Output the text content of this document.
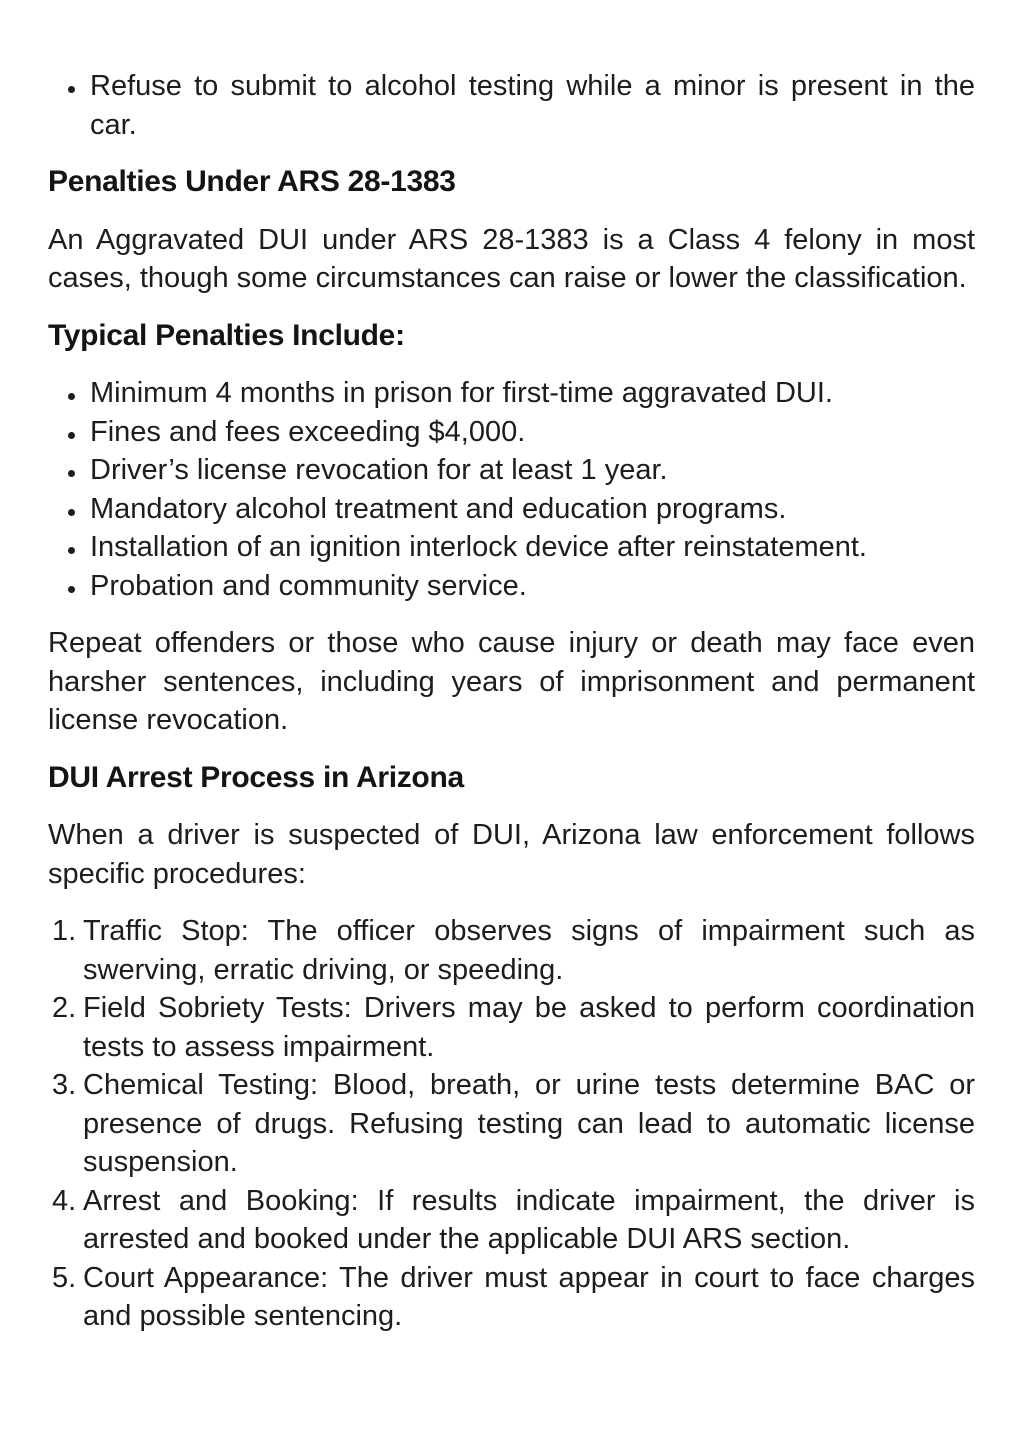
Refuse to submit to alcohol testing while a minor is present in the car.
Penalties Under ARS 28-1383
An Aggravated DUI under ARS 28-1383 is a Class 4 felony in most cases, though some circumstances can raise or lower the classification.
Typical Penalties Include:
Minimum 4 months in prison for first-time aggravated DUI.
Fines and fees exceeding $4,000.
Driver’s license revocation for at least 1 year.
Mandatory alcohol treatment and education programs.
Installation of an ignition interlock device after reinstatement.
Probation and community service.
Repeat offenders or those who cause injury or death may face even harsher sentences, including years of imprisonment and permanent license revocation.
DUI Arrest Process in Arizona
When a driver is suspected of DUI, Arizona law enforcement follows specific procedures:
Traffic Stop: The officer observes signs of impairment such as swerving, erratic driving, or speeding.
Field Sobriety Tests: Drivers may be asked to perform coordination tests to assess impairment.
Chemical Testing: Blood, breath, or urine tests determine BAC or presence of drugs. Refusing testing can lead to automatic license suspension.
Arrest and Booking: If results indicate impairment, the driver is arrested and booked under the applicable DUI ARS section.
Court Appearance: The driver must appear in court to face charges and possible sentencing.
